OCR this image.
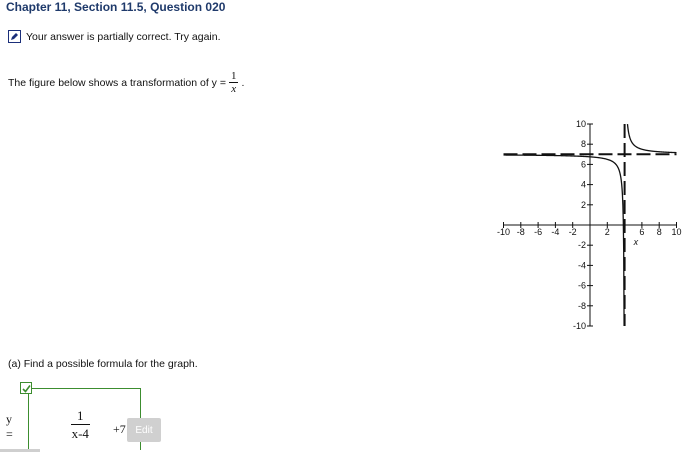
Chapter 11, Section 11.5, Question 020
Your answer is partially correct. Try again.
The figure below shows a transformation of $y = \frac{1}{x}$ .
-10 -8 -6 -4 -2	2	6 8 10
10
8
6
4
2
-2
-4
-6
-8
-10
x
(a) Find a possible formula for the graph.
y =	$\frac{1}{x-4} +7$ Edit
